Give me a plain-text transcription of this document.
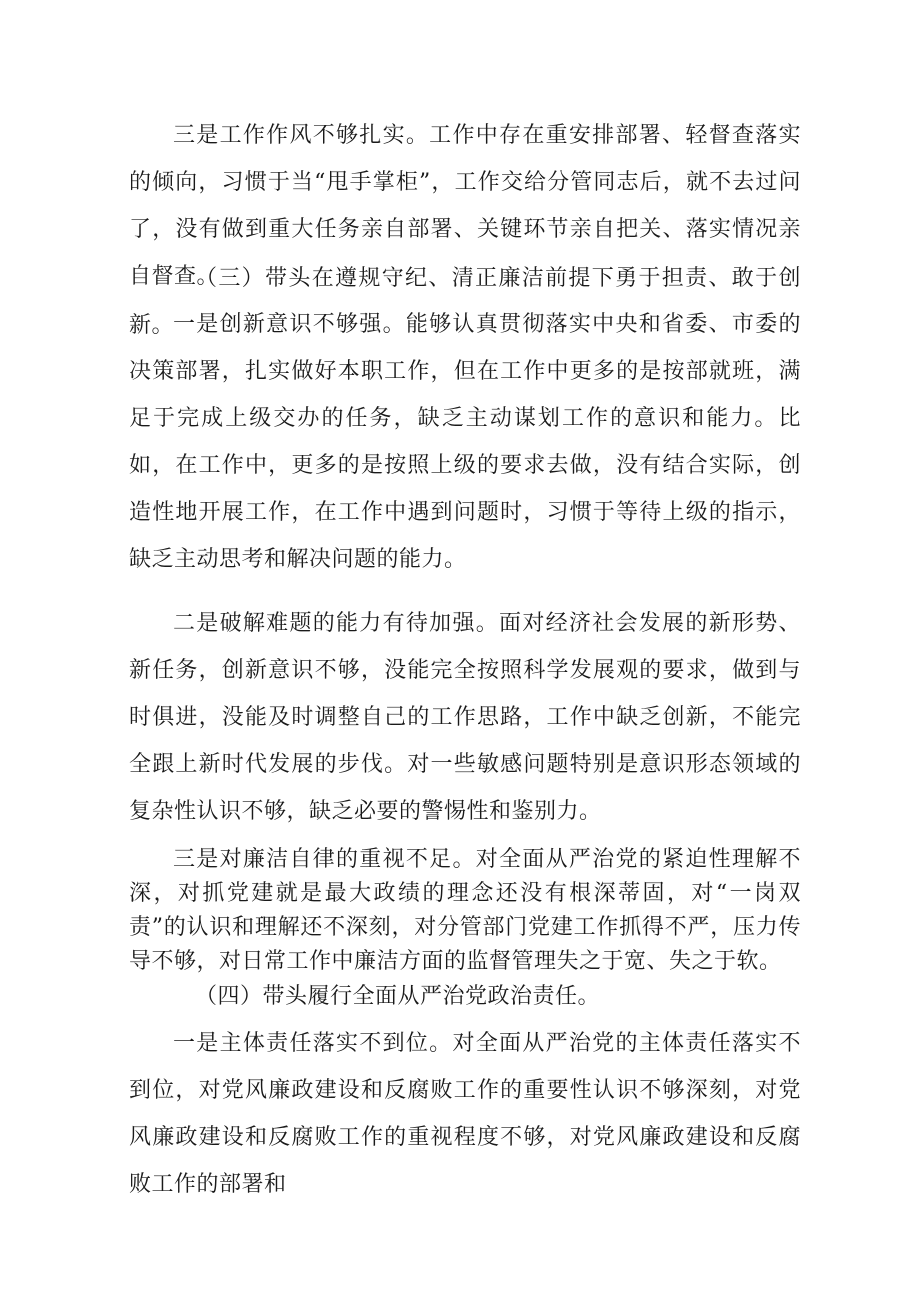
三是工作作风不够扎实。工作中存在重安排部署、轻督查落实的倾向，习惯于当“甩手掌柜”，工作交给分管同志后，就不去过问了，没有做到重大任务亲自部署、关键环节亲自把关、落实情况亲自督查。

（三）带头在遵规守纪、清正廉洁前提下勇于担责、敢于创新。

一是创新意识不够强。能够认真贯彻落实中央和省委、市委的决策部署，扎实做好本职工作，但在工作中更多的是按部就班，满足于完成上级交办的任务，缺乏主动谋划工作的意识和能力。比如，在工作中，更多的是按照上级的要求去做，没有结合实际，创造性地开展工作，在工作中遇到问题时，习惯于等待上级的指示，缺乏主动思考和解决问题的能力。

二是破解难题的能力有待加强。面对经济社会发展的新形势、新任务，创新意识不够，没能完全按照科学发展观的要求，做到与时俱进，没能及时调整自己的工作思路，工作中缺乏创新，不能完全跟上新时代发展的步伐。对一些敏感问题特别是意识形态领域的复杂性认识不够，缺乏必要的警惕性和鉴别力。

三是对廉洁自律的重视不足。对全面从严治党的紧迫性理解不深，对抓党建就是最大政绩的理念还没有根深蒂固，对“一岗双责”的认识和理解还不深刻，对分管部门党建工作抓得不严，压力传导不够，对日常工作中廉洁方面的监督管理失之于宽、失之于软。

（四）带头履行全面从严治党政治责任。

一是主体责任落实不到位。对全面从严治党的主体责任落实不到位，对党风廉政建设和反腐败工作的重要性认识不够深刻，对党风廉政建设和反腐败工作的重视程度不够，对党风廉政建设和反腐败工作的部署和
